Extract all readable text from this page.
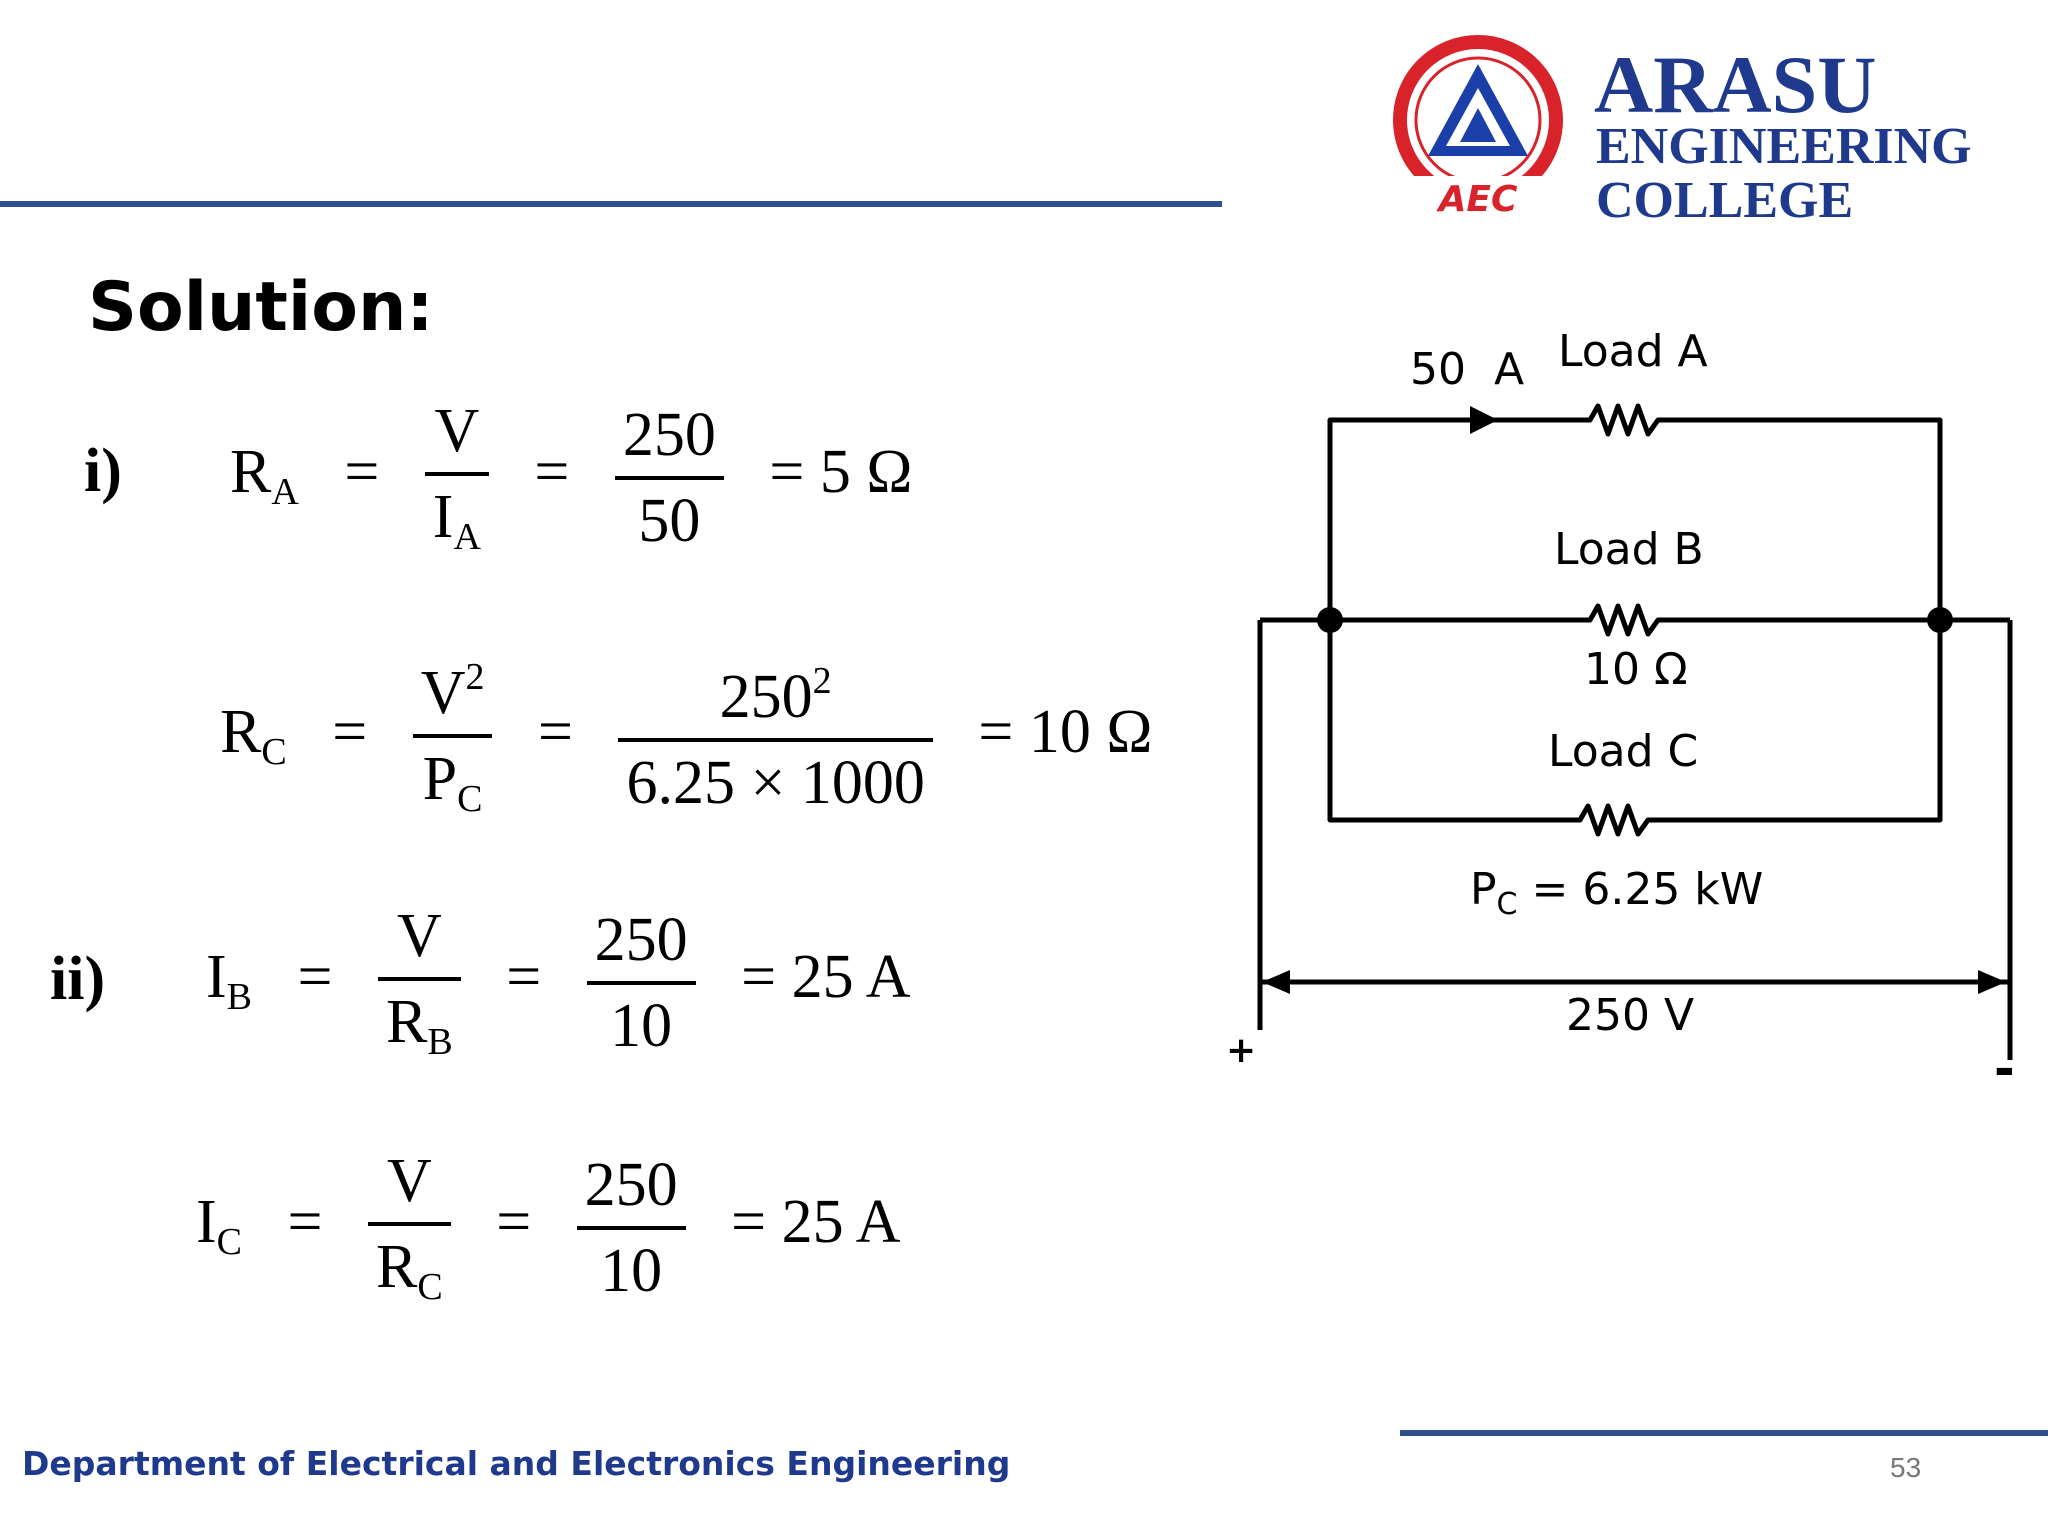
AEC
ARASU
ENGINEERING
COLLEGE
Solution:
i) $R_A = \frac{V}{I_A} = \frac{250}{50} = 5$ Ω
$R_C = \frac{V^2}{P_C} = \frac{250^2}{6.25 \times 1000} = 10$ Ω
ii) $I_B = \frac{V}{R_B} = \frac{250}{10} = 25$ A
$I_C = \frac{V}{R_C} = \frac{250}{10} = 25$ A
50  A Load A
Load B
10 Ω
Load C
$P_C = 6.25$ kW
250 V
+	-
Department of Electrical and Electronics Engineering	53
